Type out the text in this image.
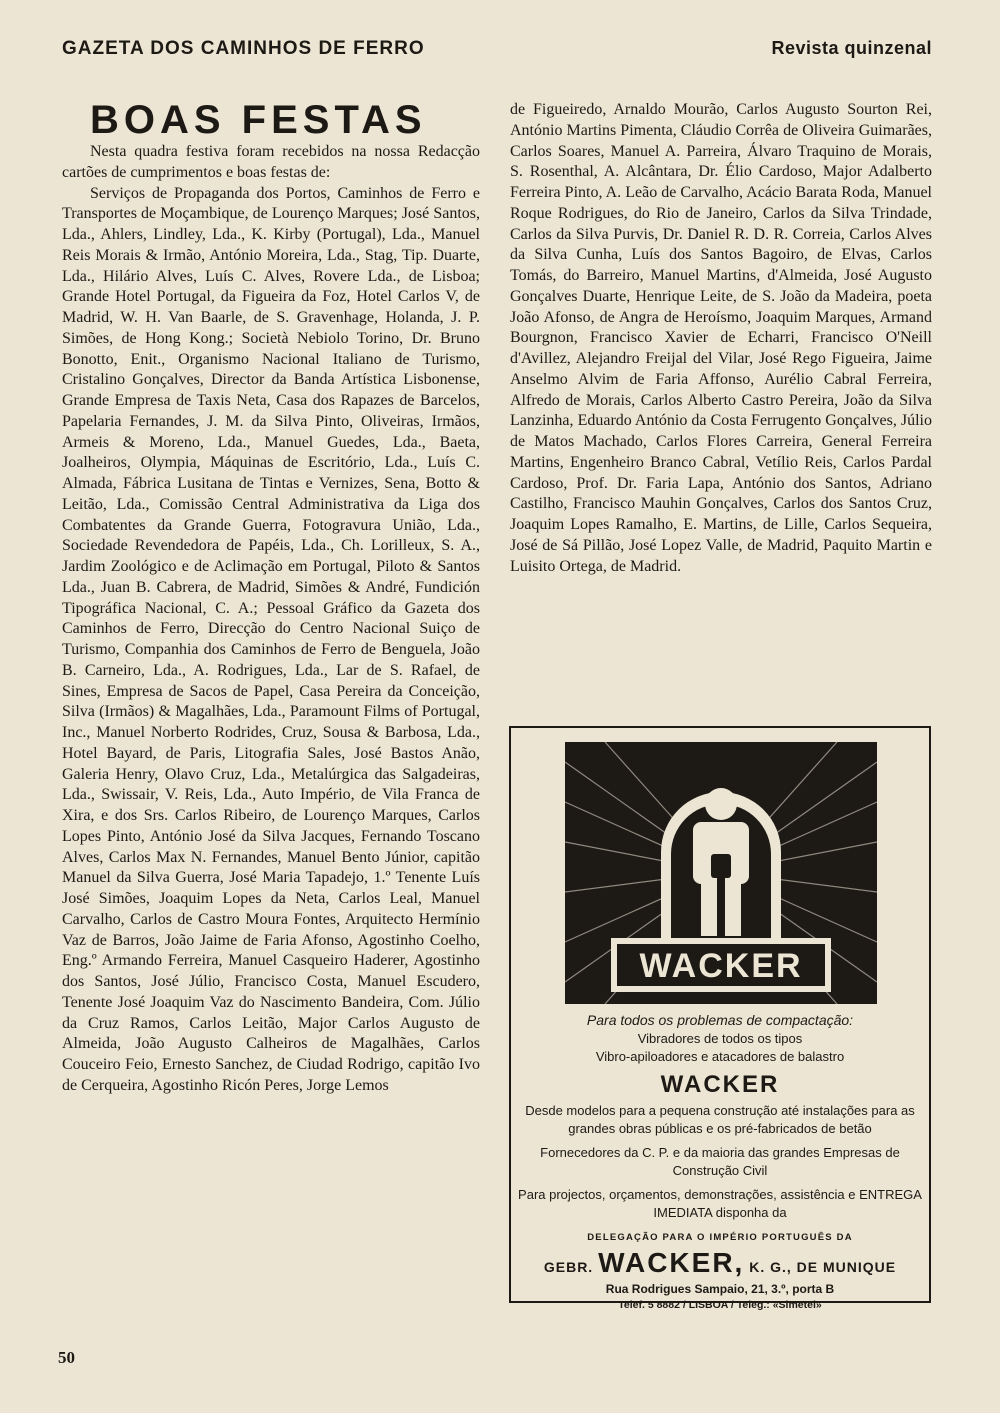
GAZETA DOS CAMINHOS DE FERRO	Revista quinzenal
BOAS FESTAS

Nesta quadra festiva foram recebidos na nossa Redacção cartões de cumprimentos e boas festas de:

Serviços de Propaganda dos Portos, Caminhos de Ferro e Transportes de Moçambique, de Lourenço Marques; José Santos, Lda., Ahlers, Lindley, Lda., K. Kirby (Portugal), Lda., Manuel Reis Morais & Irmão, António Moreira, Lda., Stag, Tip. Duarte, Lda., Hilário Alves, Luís C. Alves, Rovere Lda., de Lisboa; Grande Hotel Portugal, da Figueira da Foz, Hotel Carlos V, de Madrid, W. H. Van Baarle, de S. Gravenhage, Holanda, J. P. Simões, de Hong Kong.; Società Nebiolo Torino, Dr. Bruno Bonotto, Enit., Organismo Nacional Italiano de Turismo, Cristalino Gonçalves, Director da Banda Artística Lisbonense, Grande Empresa de Taxis Neta, Casa dos Rapazes de Barcelos, Papelaria Fernandes, J. M. da Silva Pinto, Oliveiras, Irmãos, Armeis & Moreno, Lda., Manuel Guedes, Lda., Baeta, Joalheiros, Olympia, Máquinas de Escritório, Lda., Luís C. Almada, Fábrica Lusitana de Tintas e Vernizes, Sena, Botto & Leitão, Lda., Comissão Central Administrativa da Liga dos Combatentes da Grande Guerra, Fotogravura União, Lda., Sociedade Revendedora de Papéis, Lda., Ch. Lorilleux, S. A., Jardim Zoológico e de Aclimação em Portugal, Piloto & Santos Lda., Juan B. Cabrera, de Madrid, Simões & André, Fundición Tipográfica Nacional, C. A.; Pessoal Gráfico da Gazeta dos Caminhos de Ferro, Direcção do Centro Nacional Suiço de Turismo, Companhia dos Caminhos de Ferro de Benguela, João B. Carneiro, Lda., A. Rodrigues, Lda., Lar de S. Rafael, de Sines, Empresa de Sacos de Papel, Casa Pereira da Conceição, Silva (Irmãos) & Magalhães, Lda., Paramount Films of Portugal, Inc., Manuel Norberto Rodrides, Cruz, Sousa & Barbosa, Lda., Hotel Bayard, de Paris, Litografia Sales, José Bastos Anão, Galeria Henry, Olavo Cruz, Lda., Metalúrgica das Salgadeiras, Lda., Swissair, V. Reis, Lda., Auto Império, de Vila Franca de Xira, e dos Srs. Carlos Ribeiro, de Lourenço Marques, Carlos Lopes Pinto, António José da Silva Jacques, Fernando Toscano Alves, Carlos Max N. Fernandes, Manuel Bento Júnior, capitão Manuel da Silva Guerra, José Maria Tapadejo, 1.º Tenente Luís José Simões, Joaquim Lopes da Neta, Carlos Leal, Manuel Carvalho, Carlos de Castro Moura Fontes, Arquitecto Hermínio Vaz de Barros, João Jaime de Faria Afonso, Agostinho Coelho, Eng.º Armando Ferreira, Manuel Casqueiro Haderer, Agostinho dos Santos, José Júlio, Francisco Costa, Manuel Escudero, Tenente José Joaquim Vaz do Nascimento Bandeira, Com. Júlio da Cruz Ramos, Carlos Leitão, Major Carlos Augusto de Almeida, João Augusto Calheiros de Magalhães, Carlos Couceiro Feio, Ernesto Sanchez, de Ciudad Rodrigo, capitão Ivo de Cerqueira, Agostinho Ricón Peres, Jorge Lemos

de Figueiredo, Arnaldo Mourão, Carlos Augusto Sourton Rei, António Martins Pimenta, Cláudio Corrêa de Oliveira Guimarães, Carlos Soares, Manuel A. Parreira, Álvaro Traquino de Morais, S. Rosenthal, A. Alcântara, Dr. Élio Cardoso, Major Adalberto Ferreira Pinto, A. Leão de Carvalho, Acácio Barata Roda, Manuel Roque Rodrigues, do Rio de Janeiro, Carlos da Silva Trindade, Carlos da Silva Purvis, Dr. Daniel R. D. R. Correia, Carlos Alves da Silva Cunha, Luís dos Santos Bagoiro, de Elvas, Carlos Tomás, do Barreiro, Manuel Martins, d'Almeida, José Augusto Gonçalves Duarte, Henrique Leite, de S. João da Madeira, poeta João Afonso, de Angra de Heroísmo, Joaquim Marques, Armand Bourgnon, Francisco Xavier de Echarri, Francisco O'Neill d'Avillez, Alejandro Freijal del Vilar, José Rego Figueira, Jaime Anselmo Alvim de Faria Affonso, Aurélio Cabral Ferreira, Alfredo de Morais, Carlos Alberto Castro Pereira, João da Silva Lanzinha, Eduardo António da Costa Ferrugento Gonçalves, Júlio de Matos Machado, Carlos Flores Carreira, General Ferreira Martins, Engenheiro Branco Cabral, Vetílio Reis, Carlos Pardal Cardoso, Prof. Dr. Faria Lapa, António dos Santos, Adriano Castilho, Francisco Mauhin Gonçalves, Carlos dos Santos Cruz, Joaquim Lopes Ramalho, E. Martins, de Lille, Carlos Sequeira, José de Sá Pillão, José Lopez Valle, de Madrid, Paquito Martin e Luisito Ortega, de Madrid.

WACKER
Para todos os problemas de compactação:
Vibradores de todos os tipos
Vibro-apiloadores e atacadores de balastro
WACKER
Desde modelos para a pequena construção até instalações para as grandes obras públicas e os pré-fabricados de betão
Fornecedores da C. P. e da maioria das grandes Empresas de Construção Civil
Para projectos, orçamentos, demonstrações, assistência e ENTREGA IMEDIATA disponha da
DELEGAÇÃO PARA O IMPÉRIO PORTUGUÊS DA
GEBR. WACKER, K. G., DE MUNIQUE
Rua Rodrigues Sampaio, 21, 3.º, porta B
Telef. 5 8882 / LISBOA / Teleg.: «Simetel»
50
